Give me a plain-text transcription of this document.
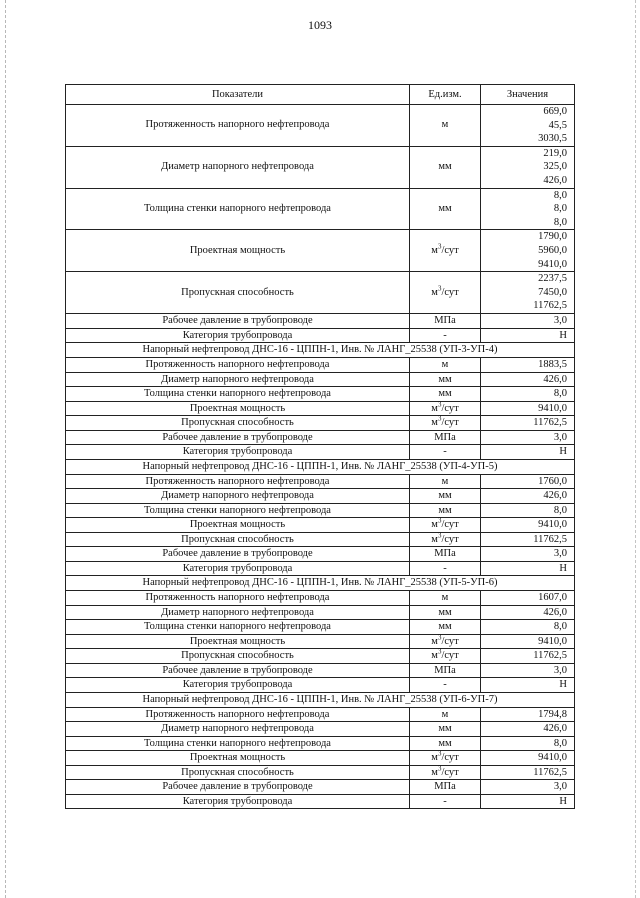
1093
Показатели	Ед.изм.	Значения
Протяженность напорного нефтепровода	м	669,0
45,5
3030,5

Диаметр напорного нефтепровода	мм	219,0
325,0
426,0

Толщина стенки напорного нефтепровода	мм	8,0
8,0
8,0

Проектная мощность	$м^3$/сут	1790,0
5960,0
9410,0

Пропускная способность	$м^3$/сут	2237,5
7450,0
11762,5

Рабочее давление в трубопроводе	МПа	3,0

Категория трубопровода	-	Н

Напорный нефтепровод ДНС-16 - ЦППН-1, Инв. № ЛАНГ_25538 (УП-3-УП-4)		
Протяженность напорного нефтепровода	м	1883,5
Диаметр напорного нефтепровода	мм	426,0
Толщина стенки напорного нефтепровода	мм	8,0
Проектная мощность	$м^3$/сут	9410,0
Пропускная способность	$м^3$/сут	11762,5
Рабочее давление в трубопроводе	МПа	3,0
Категория трубопровода	-	Н
Напорный нефтепровод ДНС-16 - ЦППН-1, Инв. № ЛАНГ_25538 (УП-4-УП-5)		
Протяженность напорного нефтепровода	м	1760,0
Диаметр напорного нефтепровода	мм	426,0
Толщина стенки напорного нефтепровода	мм	8,0
Проектная мощность	$м^3$/сут	9410,0
Пропускная способность	$м^3$/сут	11762,5
Рабочее давление в трубопроводе	МПа	3,0
Категория трубопровода	-	Н
Напорный нефтепровод ДНС-16 - ЦППН-1, Инв. № ЛАНГ_25538 (УП-5-УП-6)		
Протяженность напорного нефтепровода	м	1607,0
Диаметр напорного нефтепровода	мм	426,0
Толщина стенки напорного нефтепровода	мм	8,0
Проектная мощность	$м^3$/сут	9410,0
Пропускная способность	$м^3$/сут	11762,5
Рабочее давление в трубопроводе	МПа	3,0
Категория трубопровода	-	Н
Напорный нефтепровод ДНС-16 - ЦППН-1, Инв. № ЛАНГ_25538 (УП-6-УП-7)		
Протяженность напорного нефтепровода	м	1794,8
Диаметр напорного нефтепровода	мм	426,0
Толщина стенки напорного нефтепровода	мм	8,0
Проектная мощность	$м^3$/сут	9410,0
Пропускная способность	$м^3$/сут	11762,5
Рабочее давление в трубопроводе	МПа	3,0
Категория трубопровода	-	Н
